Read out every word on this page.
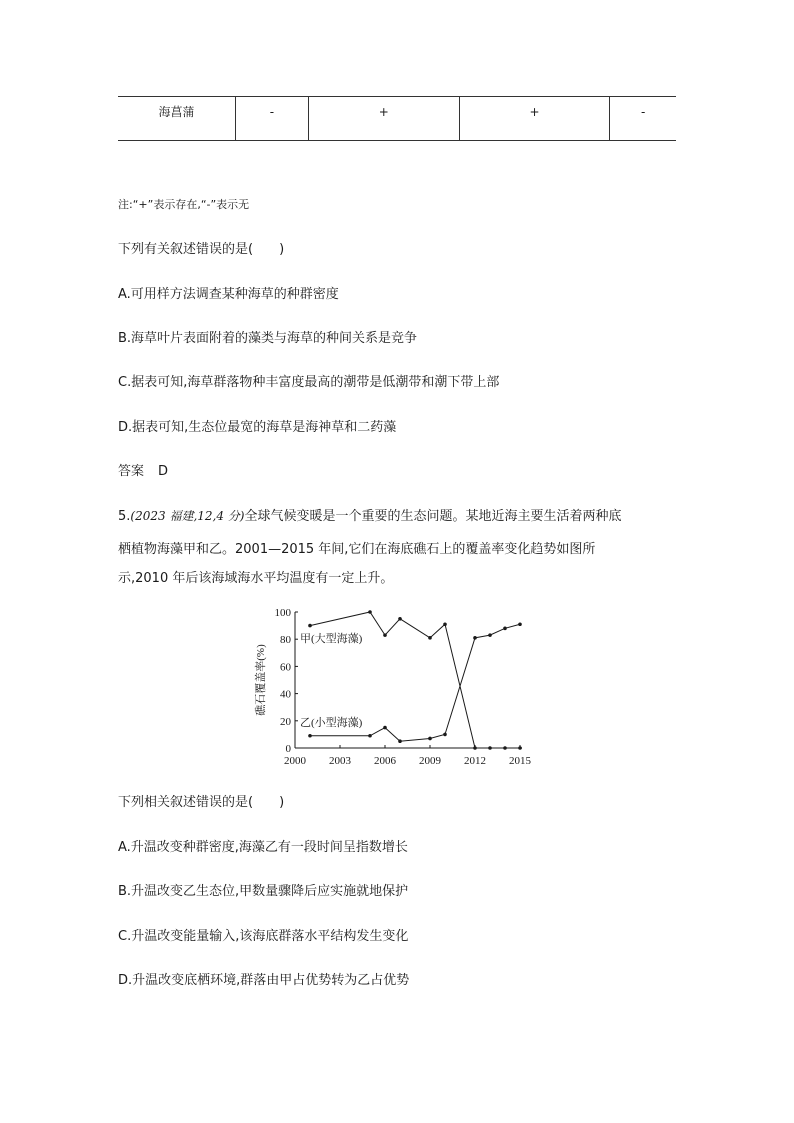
海菖蒲	-	+	+	-
注:“+”表示存在,“-”表示无
下列有关叙述错误的是(　　)
A.可用样方法调查某种海草的种群密度
B.海草叶片表面附着的藻类与海草的种间关系是竞争
C.据表可知,海草群落物种丰富度最高的潮带是低潮带和潮下带上部
D.据表可知,生态位最宽的海草是海神草和二药藻
答案 D
5.(2023 福建,12,4 分)全球气候变暖是一个重要的生态问题。某地近海主要生活着两种底
栖植物海藻甲和乙。2001—2015 年间,它们在海底礁石上的覆盖率变化趋势如图所
示,2010 年后该海域海水平均温度有一定上升。
2000 2003 2006 2009 2012 2015
0
20
40
60
80
100
礁石覆盖率(%)
甲(大型海藻)
乙(小型海藻)
下列相关叙述错误的是(　　)
A.升温改变种群密度,海藻乙有一段时间呈指数增长
B.升温改变乙生态位,甲数量骤降后应实施就地保护
C.升温改变能量输入,该海底群落水平结构发生变化
D.升温改变底栖环境,群落由甲占优势转为乙占优势
